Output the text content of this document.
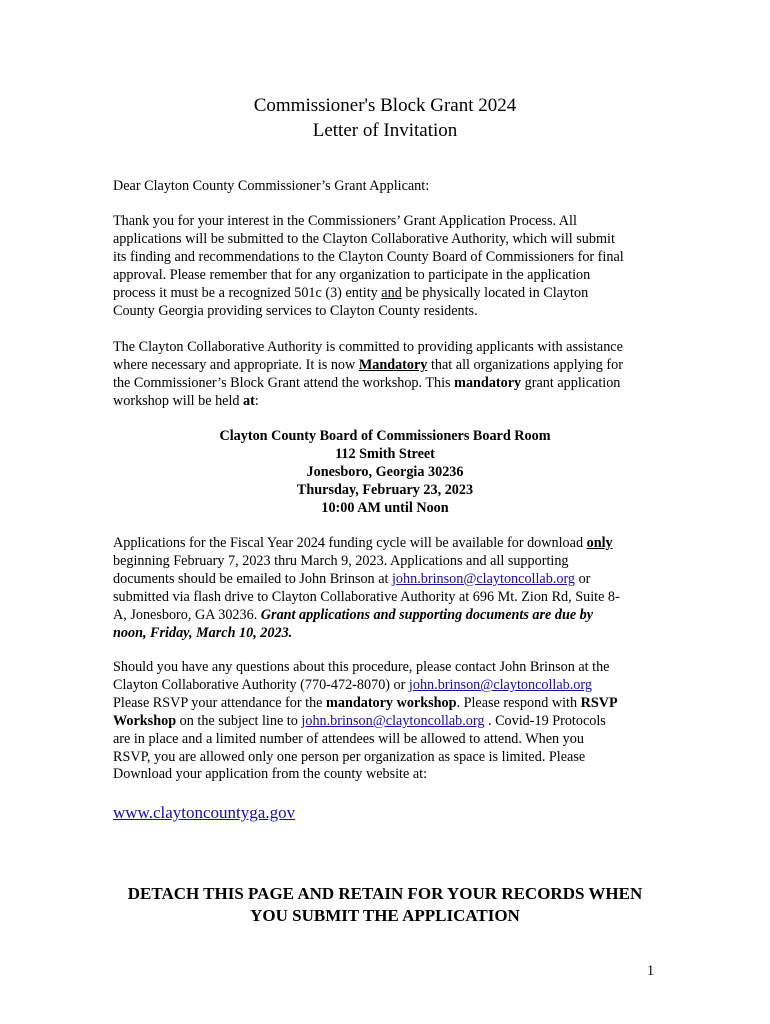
Commissioner's Block Grant 2024
Letter of Invitation
Dear Clayton County Commissioner’s Grant Applicant:
Thank you for your interest in the Commissioners’ Grant Application Process. All
applications will be submitted to the Clayton Collaborative Authority, which will submit
its finding and recommendations to the Clayton County Board of Commissioners for final
approval. Please remember that for any organization to participate in the application
process it must be a recognized 501c (3) entity and be physically located in Clayton
County Georgia providing services to Clayton County residents.
The Clayton Collaborative Authority is committed to providing applicants with assistance
where necessary and appropriate. It is now Mandatory that all organizations applying for
the Commissioner’s Block Grant attend the workshop. This mandatory grant application
workshop will be held at:
Clayton County Board of Commissioners Board Room
112 Smith Street
Jonesboro, Georgia 30236
Thursday, February 23, 2023
10:00 AM until Noon
Applications for the Fiscal Year 2024 funding cycle will be available for download only
beginning February 7, 2023 thru March 9, 2023. Applications and all supporting
documents should be emailed to John Brinson at john.brinson@claytoncollab.org or
submitted via flash drive to Clayton Collaborative Authority at 696 Mt. Zion Rd, Suite 8-
A, Jonesboro, GA 30236. Grant applications and supporting documents are due by
noon, Friday, March 10, 2023.
Should you have any questions about this procedure, please contact John Brinson at the
Clayton Collaborative Authority (770-472-8070) or john.brinson@claytoncollab.org
Please RSVP your attendance for the mandatory workshop. Please respond with RSVP
Workshop on the subject line to john.brinson@claytoncollab.org . Covid-19 Protocols
are in place and a limited number of attendees will be allowed to attend. When you
RSVP, you are allowed only one person per organization as space is limited. Please
Download your application from the county website at:
www.claytoncountyga.gov
DETACH THIS PAGE AND RETAIN FOR YOUR RECORDS WHEN
YOU SUBMIT THE APPLICATION
1
